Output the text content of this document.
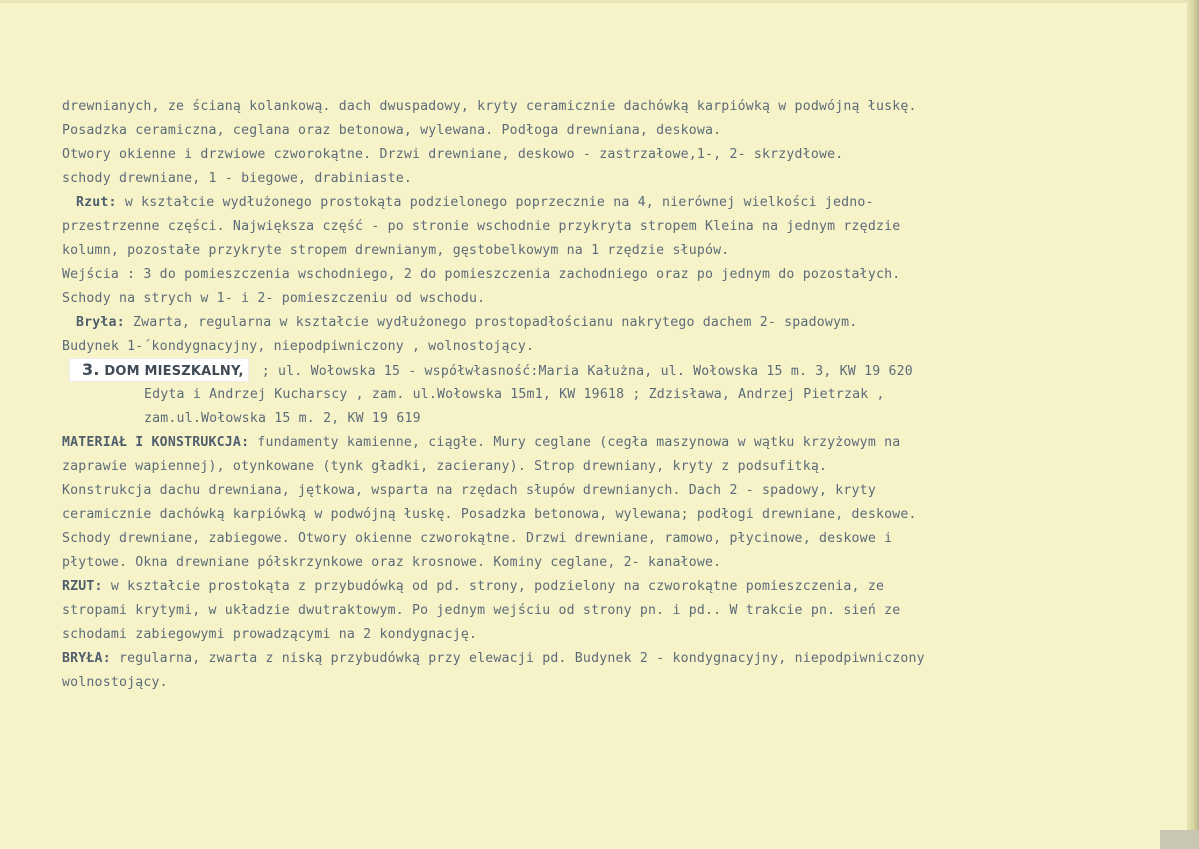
drewnianych, ze ścianą kolankową. dach dwuspadowy, kryty ceramicznie dachówką karpiówką w podwójną łuskę.
Posadzka ceramiczna, ceglana oraz betonowa, wylewana. Podłoga drewniana, deskowa.
Otwory okienne i drzwiowe czworokątne. Drzwi drewniane, deskowo - zastrzałowe,1-, 2- skrzydłowe.
schody drewniane, 1 - biegowe, drabiniaste.
Rzut: w kształcie wydłużonego prostokąta podzielonego poprzecznie na 4, nierównej wielkości jedno-
przestrzenne części. Największa część - po stronie wschodnie przykryta stropem Kleina na jednym rzędzie
kolumn, pozostałe przykryte stropem drewnianym, gęstobelkowym na 1 rzędzie słupów.
Wejścia : 3 do pomieszczenia wschodniego, 2 do pomieszczenia zachodniego oraz po jednym do pozostałych.
Schody na strych w 1- i 2- pomieszczeniu od wschodu.
Bryła: Zwarta, regularna w kształcie wydłużonego prostopadłościanu nakrytego dachem 2- spadowym.
Budynek 1-´kondygnacyjny, niepodpiwniczony , wolnostojący.
3. DOM MIESZKALNY, ; ul. Wołowska 15 - współwłasność:Maria Kałużna, ul. Wołowska 15 m. 3, KW 19 620
Edyta i Andrzej Kucharscy , zam. ul.Wołowska 15m1, KW 19618 ; Zdzisława, Andrzej Pietrzak ,
zam.ul.Wołowska 15 m. 2, KW 19 619
MATERIAŁ I KONSTRUKCJA: fundamenty kamienne, ciągłe. Mury ceglane (cegła maszynowa w wątku krzyżowym na
zaprawie wapiennej), otynkowane (tynk gładki, zacierany). Strop drewniany, kryty z podsufitką.
Konstrukcja dachu drewniana, jętkowa, wsparta na rzędach słupów drewnianych. Dach 2 - spadowy, kryty
ceramicznie dachówką karpiówką w podwójną łuskę. Posadzka betonowa, wylewana; podłogi drewniane, deskowe.
Schody drewniane, zabiegowe. Otwory okienne czworokątne. Drzwi drewniane, ramowo, płycinowe, deskowe i
płytowe. Okna drewniane półskrzynkowe oraz krosnowe. Kominy ceglane, 2- kanałowe.
RZUT: w kształcie prostokąta z przybudówką od pd. strony, podzielony na czworokątne pomieszczenia, ze
stropami krytymi, w układzie dwutraktowym. Po jednym wejściu od strony pn. i pd.. W trakcie pn. sień ze
schodami zabiegowymi prowadzącymi na 2 kondygnację.
BRYŁA: regularna, zwarta z niską przybudówką przy elewacji pd. Budynek 2 - kondygnacyjny, niepodpiwniczony
wolnostojący.
